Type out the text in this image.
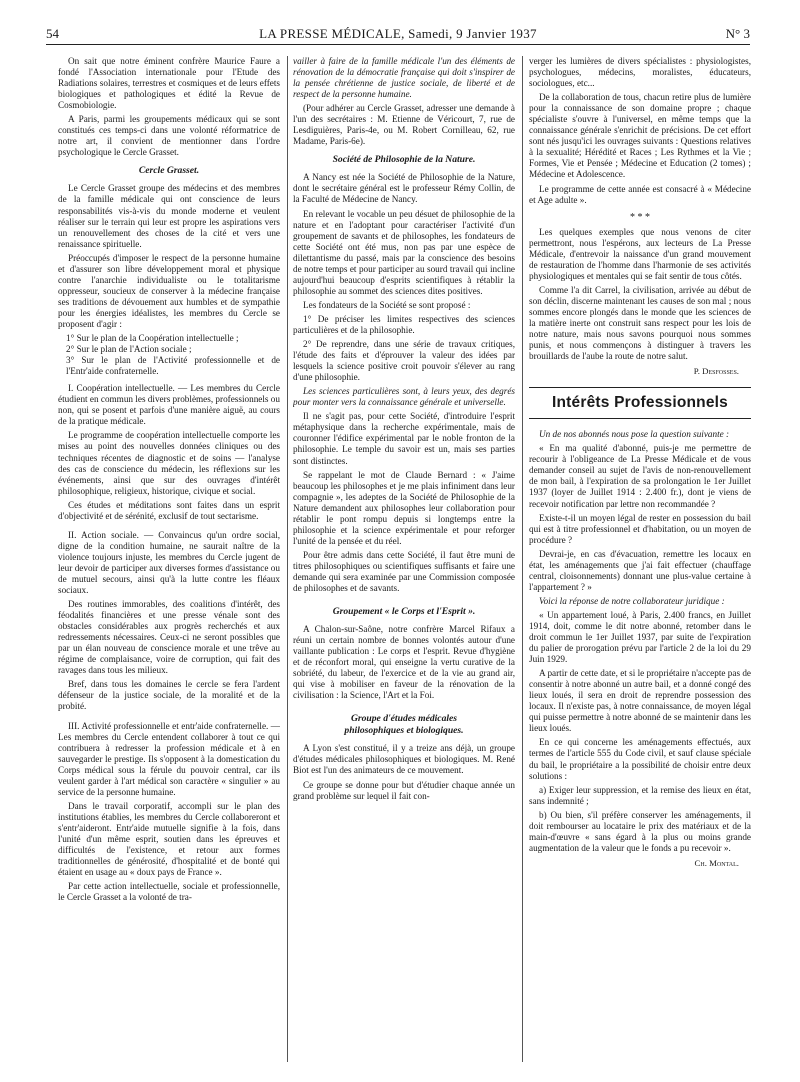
54	LA PRESSE MÉDICALE, Samedi, 9 Janvier 1937	N° 3

On sait que notre éminent confrère Maurice Faure a fondé l'Association internationale pour l'Etude des Radiations solaires, terrestres et cosmiques et de leurs effets biologiques et pathologiques et édité la Revue de Cosmobiologie.

A Paris, parmi les groupements médicaux qui se sont constitués ces temps-ci dans une volonté réformatrice de notre art, il convient de mentionner dans l'ordre psychologique le Cercle Grasset.

Cercle Grasset.

Le Cercle Grasset groupe des médecins et des membres de la famille médicale qui ont conscience de leurs responsabilités vis-à-vis du monde moderne et veulent réaliser sur le terrain qui leur est propre les aspirations vers un renouvellement des choses de la cité et vers une renaissance spirituelle.

Préoccupés d'imposer le respect de la personne humaine et d'assurer son libre développement moral et physique contre l'anarchie individualiste ou le totalitarisme oppresseur, soucieux de conserver à la médecine française ses traditions de dévouement aux humbles et de sympathie pour les énergies idéalistes, les membres du Cercle se proposent d'agir :

1° Sur le plan de la Coopération intellectuelle ;

2° Sur le plan de l'Action sociale ;

3° Sur le plan de l'Activité professionnelle et de l'Entr'aide confraternelle.

I. Coopération intellectuelle. — Les membres du Cercle étudient en commun les divers problèmes, professionnels ou non, qui se posent et parfois d'une manière aiguë, au cours de la pratique médicale.

Le programme de coopération intellectuelle comporte les mises au point des nouvelles données cliniques ou des techniques récentes de diagnostic et de soins — l'analyse des cas de conscience du médecin, les réflexions sur les événements, ainsi que sur des ouvrages d'intérêt philosophique, religieux, historique, civique et social.

Ces études et méditations sont faites dans un esprit d'objectivité et de sérénité, exclusif de tout sectarisme.

II. Action sociale. — Convaincus qu'un ordre social, digne de la condition humaine, ne saurait naître de la violence toujours injuste, les membres du Cercle jugent de leur devoir de participer aux diverses formes d'assistance ou de mutuel secours, ainsi qu'à la lutte contre les fléaux sociaux.

Des routines immorables, des coalitions d'intérêt, des féodalités financières et une presse vénale sont des obstacles considérables aux progrès recherchés et aux redressements nécessaires. Ceux-ci ne seront possibles que par un élan nouveau de conscience morale et une trêve au régime de complaisance, voire de corruption, qui fait des ravages dans tous les milieux.

Bref, dans tous les domaines le cercle se fera l'ardent défenseur de la justice sociale, de la moralité et de la probité.

III. Activité professionnelle et entr'aide confraternelle. — Les membres du Cercle entendent collaborer à tout ce qui contribuera à redresser la profession médicale et à en sauvegarder le prestige. Ils s'opposent à la domestication du Corps médical sous la férule du pouvoir central, car ils veulent garder à l'art médical son caractère « singulier » au service de la personne humaine.

Dans le travail corporatif, accompli sur le plan des institutions établies, les membres du Cercle collaboreront et s'entr'aideront. Entr'aide mutuelle signifie à la fois, dans l'unité d'un même esprit, soutien dans les épreuves et difficultés de l'existence, et retour aux formes traditionnelles de générosité, d'hospitalité et de bonté qui étaient en usage au « doux pays de France ».

Par cette action intellectuelle, sociale et professionnelle, le Cercle Grasset a la volonté de tra-

vailler à faire de la famille médicale l'un des éléments de rénovation de la démocratie française qui doit s'inspirer de la pensée chrétienne de justice sociale, de liberté et de respect de la personne humaine.

(Pour adhérer au Cercle Grasset, adresser une demande à l'un des secrétaires : M. Etienne de Véricourt, 7, rue de Lesdiguières, Paris-4e, ou M. Robert Cornilleau, 62, rue Madame, Paris-6e).

Société de Philosophie de la Nature.

A Nancy est née la Société de Philosophie de la Nature, dont le secrétaire général est le professeur Rémy Collin, de la Faculté de Médecine de Nancy.

En relevant le vocable un peu désuet de philosophie de la nature et en l'adoptant pour caractériser l'activité d'un groupement de savants et de philosophes, les fondateurs de cette Société ont été mus, non pas par une espèce de dilettantisme du passé, mais par la conscience des besoins de notre temps et pour participer au sourd travail qui incline aujourd'hui beaucoup d'esprits scientifiques à rétablir la philosophie au sommet des sciences dites positives.

Les fondateurs de la Société se sont proposé :

1° De préciser les limites respectives des sciences particulières et de la philosophie.

2° De reprendre, dans une série de travaux critiques, l'étude des faits et d'éprouver la valeur des idées par lesquels la science positive croit pouvoir s'élever au rang d'une philosophie.

Les sciences particulières sont, à leurs yeux, des degrés pour monter vers la connaissance générale et universelle.

Il ne s'agit pas, pour cette Société, d'introduire l'esprit métaphysique dans la recherche expérimentale, mais de couronner l'édifice expérimental par le noble fronton de la philosophie. Le temple du savoir est un, mais ses parties sont distinctes.

Se rappelant le mot de Claude Bernard : « J'aime beaucoup les philosophes et je me plais infiniment dans leur compagnie », les adeptes de la Société de Philosophie de la Nature demandent aux philosophes leur collaboration pour rétablir le pont rompu depuis si longtemps entre la philosophie et la science expérimentale et pour reforger l'unité de la pensée et du réel.

Pour être admis dans cette Société, il faut être muni de titres philosophiques ou scientifiques suffisants et faire une demande qui sera examinée par une Commission composée de philosophes et de savants.

Groupement « le Corps et l'Esprit ».

A Chalon-sur-Saône, notre confrère Marcel Rifaux a réuni un certain nombre de bonnes volontés autour d'une vaillante publication : Le corps et l'esprit. Revue d'hygiène et de réconfort moral, qui enseigne la vertu curative de la sobriété, du labeur, de l'exercice et de la vie au grand air, qui vise à mobiliser en faveur de la rénovation de la civilisation : la Science, l'Art et la Foi.

Groupe d'études médicales
philosophiques et biologiques.

A Lyon s'est constitué, il y a treize ans déjà, un groupe d'études médicales philosophiques et biologiques. M. René Biot est l'un des animateurs de ce mouvement.

Ce groupe se donne pour but d'étudier chaque année un grand problème sur lequel il fait con-

verger les lumières de divers spécialistes : physiologistes, psychologues, médecins, moralistes, éducateurs, sociologues, etc...

De la collaboration de tous, chacun retire plus de lumière pour la connaissance de son domaine propre ; chaque spécialiste s'ouvre à l'universel, en même temps que la connaissance générale s'enrichit de précisions. De cet effort sont nés jusqu'ici les ouvrages suivants : Questions relatives à la sexualité; Hérédité et Races ; Les Rythmes et la Vie ; Formes, Vie et Pensée ; Médecine et Education (2 tomes) ; Médecine et Adolescence.

Le programme de cette année est consacré à « Médecine et Age adulte ».

* * *

Les quelques exemples que nous venons de citer permettront, nous l'espérons, aux lecteurs de La Presse Médicale, d'entrevoir la naissance d'un grand mouvement de restauration de l'homme dans l'harmonie de ses activités physiologiques et mentales qui se fait sentir de tous côtés.

Comme l'a dit Carrel, la civilisation, arrivée au début de son déclin, discerne maintenant les causes de son mal ; nous sommes encore plongés dans le monde que les sciences de la matière inerte ont construit sans respect pour les lois de notre nature, mais nous savons pourquoi nous sommes punis, et nous commençons à distinguer à travers les brouillards de l'aube la route de notre salut.

P. Desfosses.
Intérêts Professionnels

Un de nos abonnés nous pose la question suivante :

« En ma qualité d'abonné, puis-je me permettre de recourir à l'obligeance de La Presse Médicale et de vous demander conseil au sujet de l'avis de non-renouvellement de mon bail, à l'expiration de sa prolongation le 1er Juillet 1937 (loyer de Juillet 1914 : 2.400 fr.), dont je viens de recevoir notification par lettre non recommandée ?

Existe-t-il un moyen légal de rester en possession du bail qui est à titre professionnel et d'habitation, ou un moyen de procédure ?

Devrai-je, en cas d'évacuation, remettre les locaux en état, les aménagements que j'ai fait effectuer (chauffage central, cloisonnements) donnant une plus-value certaine à l'appartement ? »

Voici la réponse de notre collaborateur juridique :

« Un appartement loué, à Paris, 2.400 francs, en Juillet 1914, doit, comme le dit notre abonné, retomber dans le droit commun le 1er Juillet 1937, par suite de l'expiration du palier de prorogation prévu par l'article 2 de la loi du 29 Juin 1929.

A partir de cette date, et si le propriétaire n'accepte pas de consentir à notre abonné un autre bail, et a donné congé des lieux loués, il sera en droit de reprendre possession des locaux. Il n'existe pas, à notre connaissance, de moyen légal qui puisse permettre à notre abonné de se maintenir dans les lieux loués.

En ce qui concerne les aménagements effectués, aux termes de l'article 555 du Code civil, et sauf clause spéciale du bail, le propriétaire a la possibilité de choisir entre deux solutions :

a) Exiger leur suppression, et la remise des lieux en état, sans indemnité ;

b) Ou bien, s'il préfère conserver les aménagements, il doit rembourser au locataire le prix des matériaux et de la main-d'œuvre « sans égard à la plus ou moins grande augmentation de la valeur que le fonds a pu recevoir ».

Ch. Montal.
